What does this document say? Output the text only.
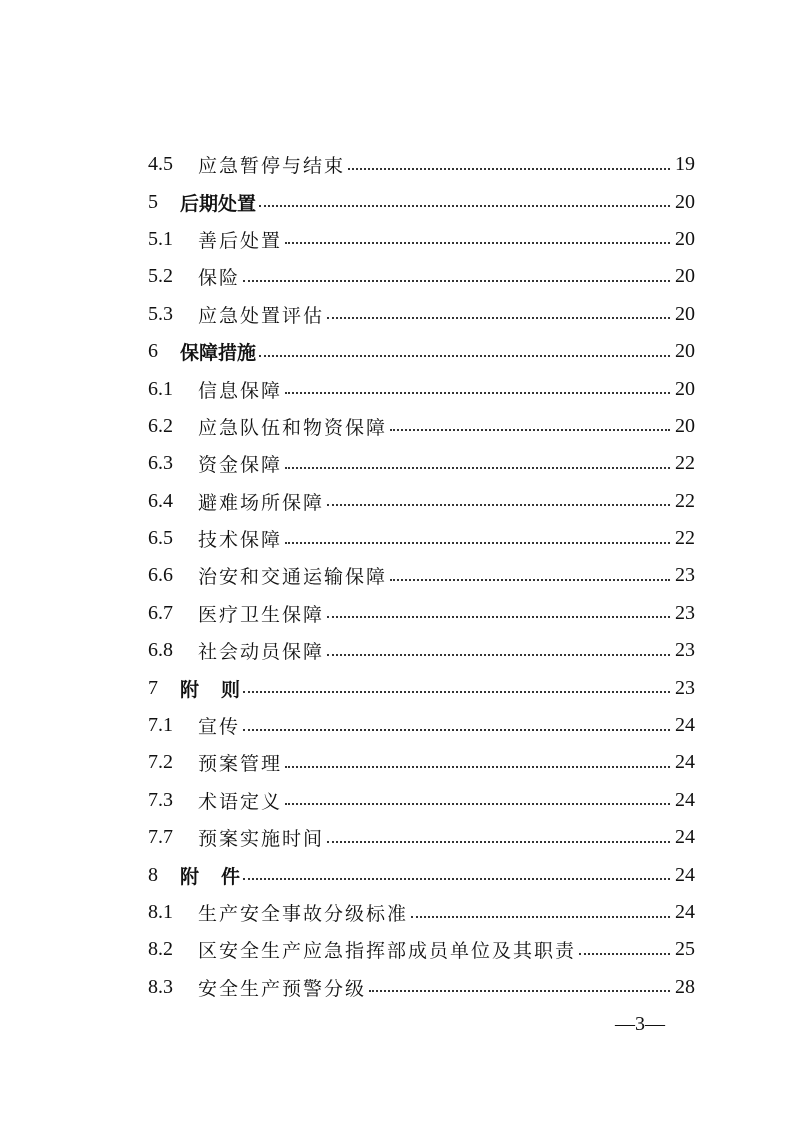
4.5	应急暂停与结束	19
5	后期处置	20
5.1	善后处置	20
5.2	保险	20
5.3	应急处置评估	20
6	保障措施	20
6.1	信息保障	20
6.2	应急队伍和物资保障	20
6.3	资金保障	22
6.4	避难场所保障	22
6.5	技术保障	22
6.6	治安和交通运输保障	23
6.7	医疗卫生保障	23
6.8	社会动员保障	23
7	附则	23
7.1	宣传	24
7.2	预案管理	24
7.3	术语定义	24
7.7	预案实施时间	24
8	附件	24
8.1	生产安全事故分级标准	24
8.2	区安全生产应急指挥部成员单位及其职责	25
8.3	安全生产预警分级	28
—3—
